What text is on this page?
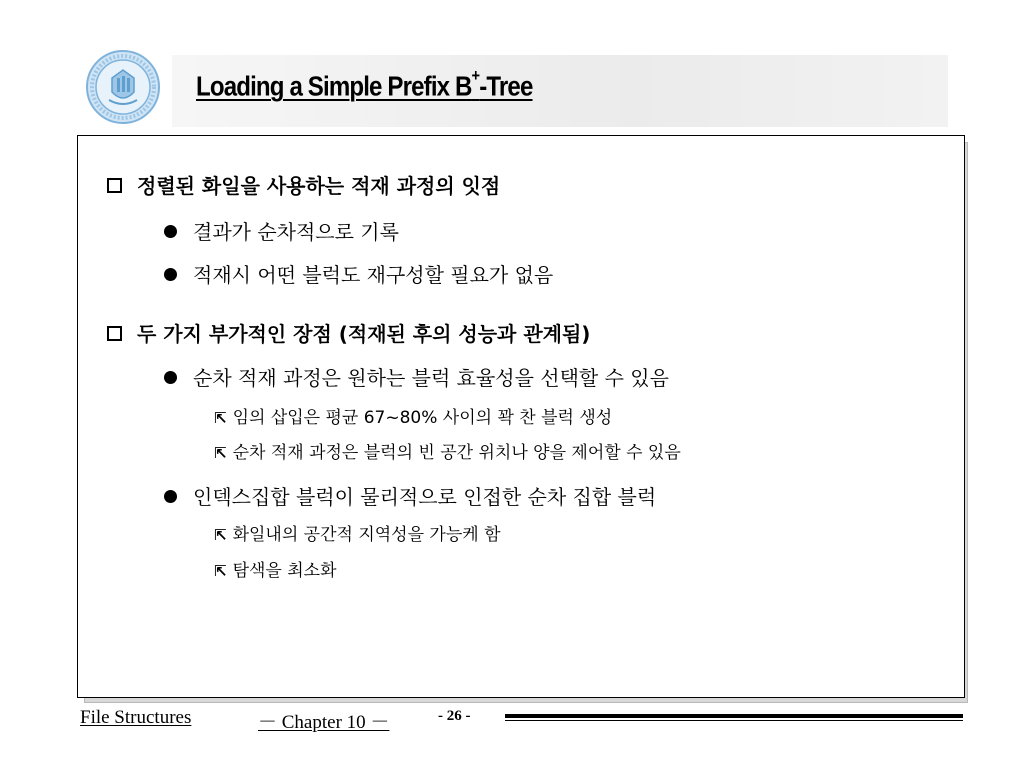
Loading a Simple Prefix B+-Tree
정렬된 화일을 사용하는 적재 과정의 잇점
결과가 순차적으로 기록
적재시 어떤 블럭도 재구성할 필요가 없음
두 가지 부가적인 장점 (적재된 후의 성능과 관계됨)
순차 적재 과정은 원하는 블럭 효율성을 선택할 수 있음
⇱ 임의 삽입은 평균 67~80% 사이의 꽉 찬 블럭 생성
⇱ 순차 적재 과정은 블럭의 빈 공간 위치나 양을 제어할 수 있음
인덱스집합 블럭이 물리적으로 인접한 순차 집합 블럭
⇱ 화일내의 공간적 지역성을 가능케 함
⇱ 탐색을 최소화
File Structures	－ Chapter 10 －	- 26 -
